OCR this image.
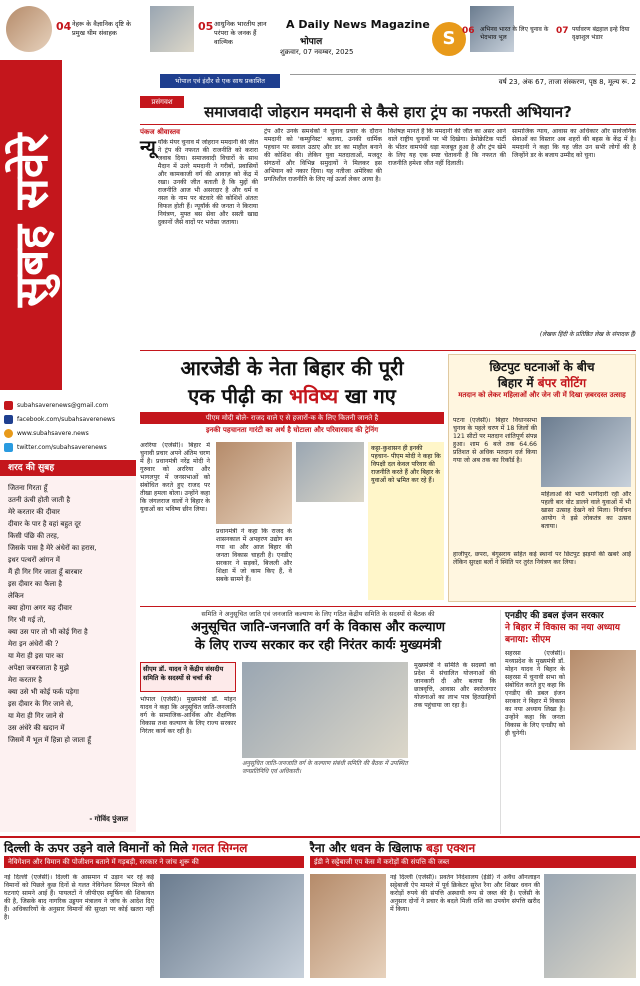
04 नेहरू के वैज्ञानिक दृष्टि के प्रमुख थीम संवाहक	05 आधुनिक भारतीय ज्ञान परंपरा के जनक हैं वाल्मिक
A Daily News Magazine
भोपाल
शुक्रवार, 07 नवम्बर, 2025
S 06 अभिनव भारत के लिए चुनाव के भेदभाव भूल
07 पर्यावरण बंद्रहाल इन्हे दिया वृक्षाशुल भंडार
भोपाल एवं इंदौर से एक साथ प्रकाशित	वर्ष 23, अंक 67, ताजा संस्करण, पृष्ठ 8, मूल्य रू. 2
सुबह सवेरे
subahsaverenews@gmail.com
facebook.com/subahsaverenews
www.subahsavere.news
twitter.com/subahsaverenews
शरद की सुबह
जितना गिरता हूँ
उतनी ऊंची होती जाती है
मेरे करतार की दीवार
दीवार के पार है वहां बहुत दूर
किसी पंछि की तरह,
जिसके पास है मेरे अंधेरों का हरास,
इधर पत्थरों आंगन में
मैं ही गिर गिर जाता हूँ बारबार
इस दीवार का फैला है
लेकिन
क्या होगा अगर यह दीवार
गिर भी गई तो,
क्या उस पार तो भी कोई गिरा है
मेरा इन अंधेरों की ?
या मेरा ही इस पार का
अपेक्षा जबरजाता है मुझे
मेरा करतार है
क्या उसे भी कोई फर्क पड़ेगा
इस दीवार के गिर जाने से,
या मेरा ही गिर जाने से
उस अंधेरे की खदान में
जिसमें मैं भूल में हिन्ना हो जाता हूँ
- गोविंद पुंजाल
प्रसंगवश
समाजवादी जोहरान ममदानी से कैसे हारा ट्रंप का नफरती अभियान?
पंकज श्रीवास्तव
न्यू यॉर्क मेयर चुनाव में जोहरान ममदानी की जीत ने ट्रंप की नफरत की राजनीति को करारा जवाब दिया। समाजवादी विचारों के साथ मैदान में उतरे ममदानी ने गरीबों, प्रवासियों और कामकाजी वर्ग की आवाज़ को केंद्र में रखा। उनकी जीत बताती है कि मुद्दों की राजनीति आज भी असरदार है और धर्म व नस्ल के नाम पर बंटवारे की कोशिशें अंततः विफल होती हैं। न्यूयॉर्क की जनता ने किराया नियंत्रण, मुफ्त बस सेवा और सस्ती खाद्य दुकानों जैसे वादों पर भरोसा जताया।
ट्रंप और उनके समर्थकों ने चुनाव प्रचार के दौरान ममदानी को 'कम्युनिस्ट' बताया, उनकी धार्मिक पहचान पर सवाल उठाए और डर का माहौल बनाने की कोशिश की। लेकिन युवा मतदाताओं, मजदूर संगठनों और विभिन्न समुदायों ने मिलकर इस अभियान को नकार दिया। यह नतीजा अमेरिका की प्रगतिशील राजनीति के लिए नई ऊर्जा लेकर आया है।
विशेषज्ञ मानते हैं कि ममदानी की जीत का असर आने वाले राष्ट्रीय चुनावों पर भी दिखेगा। डेमोक्रेटिक पार्टी के भीतर वामपंथी धड़ा मजबूत हुआ है और ट्रंप खेमे के लिए यह एक स्पष्ट चेतावनी है कि नफरत की राजनीति हमेशा जीत नहीं दिलाती।
सामाजिक न्याय, आवास का अधिकार और सार्वजनिक सेवाओं का विस्तार अब शहरों की बहस के केंद्र में है। ममदानी ने कहा कि यह जीत उन सभी लोगों की है जिन्होंने डर के बजाय उम्मीद को चुना।
(लेखक हिंदी के प्रतिष्ठित लेख के संपादक हैं)
आरजेडी के नेता बिहार की पूरी
एक पीढ़ी का भविष्य खा गए
पीएम मोदी बोले- राजद वाले ए से हजारों-क के लिए कितनी जानते है
इनकी पहचानता गारंटी का अर्थ है घोटाला और परिवारवाद की ट्रेनिंग
अररिया (एजेंसी)। बिहार में चुनावी प्रचार अपने अंतिम चरण में है। प्रधानमंत्री नरेंद्र मोदी ने गुरुवार को अररिया और भागलपुर में जनसभाओं को संबोधित करते हुए राजद पर तीखा हमला बोला। उन्होंने कहा कि जंगलराज वालों ने बिहार के युवाओं का भविष्य छीन लिया।
प्रधानमंत्री ने कहा कि राजद के शासनकाल में अपहरण उद्योग बन गया था और आज बिहार की जनता विकास चाहती है। एनडीए सरकार ने सड़कों, बिजली और शिक्षा में जो काम किए हैं, वे सबके सामने हैं।
कट्टा-कुशासन ही इनकी पहचान- पीएम मोदी ने कहा कि विपक्षी दल केवल परिवार की राजनीति करते हैं और बिहार के युवाओं को भ्रमित कर रहे हैं।
छिटपुट घटनाओं के बीच
बिहार में बंपर वोटिंग
मतदान को लेकर महिलाओं और जेन जी में दिखा ज़बरदस्त उत्साह
पटना (एजेंसी)। बिहार विधानसभा चुनाव के पहले चरण में 18 जिलों की 121 सीटों पर मतदान शांतिपूर्ण संपन्न हुआ। शाम 6 बजे तक 64.66 प्रतिशत से अधिक मतदान दर्ज किया गया जो अब तक का रिकॉर्ड है।
महिलाओं की भारी भागीदारी रही और पहली बार वोट डालने वाले युवाओं में भी खासा उत्साह देखने को मिला। निर्वाचन आयोग ने इसे लोकतंत्र का उत्सव बताया।
हाजीपुर, छपरा, बेगूसराय सहित कई स्थानों पर छिटपुट झड़पों की खबरें आईं लेकिन सुरक्षा बलों ने स्थिति पर तुरंत नियंत्रण कर लिया।
समिति ने अनुसूचित जाति एवं जनजाति कल्याण के लिए गठित केंद्रीय समिति के सदस्यों से बैठक की
अनुसूचित जाति-जनजाति वर्ग के विकास और कल्याण
के लिए राज्य सरकार कर रही निरंतर कार्यः मुख्यमंत्री
सीएम डॉ. यादव ने केंद्रीय संसदीय समिति के सदस्यों से चर्चा की
भोपाल (एजेंसी)। मुख्यमंत्री डॉ. मोहन यादव ने कहा कि अनुसूचित जाति-जनजाति वर्ग के सामाजिक-आर्थिक और शैक्षणिक विकास तथा कल्याण के लिए राज्य सरकार निरंतर कार्य कर रही है।
अनुसूचित जाति-जनजाति वर्ग के कल्याण संबंधी समिति की बैठक में उपस्थित जनप्रतिनिधि एवं अधिकारी।
मुख्यमंत्री ने समिति के सदस्यों को प्रदेश में संचालित योजनाओं की जानकारी दी और बताया कि छात्रवृत्ति, आवास और स्वरोजगार योजनाओं का लाभ पात्र हितग्राहियों तक पहुंचाया जा रहा है।
एनडीए की डबल इंजन सरकार
ने बिहार में विकास का नया अध्याय बनाया: सीएम
सहरसा (एजेंसी)। मध्यप्रदेश के मुख्यमंत्री डॉ. मोहन यादव ने बिहार के सहरसा में चुनावी सभा को संबोधित करते हुए कहा कि एनडीए की डबल इंजन सरकार ने बिहार में विकास का नया अध्याय लिखा है। उन्होंने कहा कि जनता विकास के लिए एनडीए को ही चुनेगी।
दिल्ली के ऊपर उड़ने वाले विमानों को मिले गलत सिग्नल
नेविगेशन और विमान की पोजीशन बताने में गड़बड़ी, सरकार ने जांच शुरू की
नई दिल्ली (एजेंसी)। दिल्ली के आसमान में उड़ान भर रहे कई विमानों को पिछले कुछ दिनों से गलत नेविगेशन सिग्नल मिलने की घटनाएं सामने आई हैं। पायलटों ने जीपीएस स्पूफिंग की शिकायत की है, जिसके बाद नागरिक उड्डयन मंत्रालय ने जांच के आदेश दिए हैं। अधिकारियों के अनुसार विमानों की सुरक्षा पर कोई खतरा नहीं है।
रैना और धवन के खिलाफ बड़ा एक्शन
ईडी ने सट्टेबाजी एप केस में करोड़ों की संपत्ति की जब्त
नई दिल्ली (एजेंसी)। प्रवर्तन निदेशालय (ईडी) ने अवैध ऑनलाइन सट्टेबाजी ऐप मामले में पूर्व क्रिकेटर सुरेश रैना और शिखर धवन की करोड़ों रुपये की संपत्ति अस्थायी रूप से जब्त की है। एजेंसी के अनुसार दोनों ने प्रचार के बदले मिली राशि का उपयोग संपत्ति खरीद में किया।
